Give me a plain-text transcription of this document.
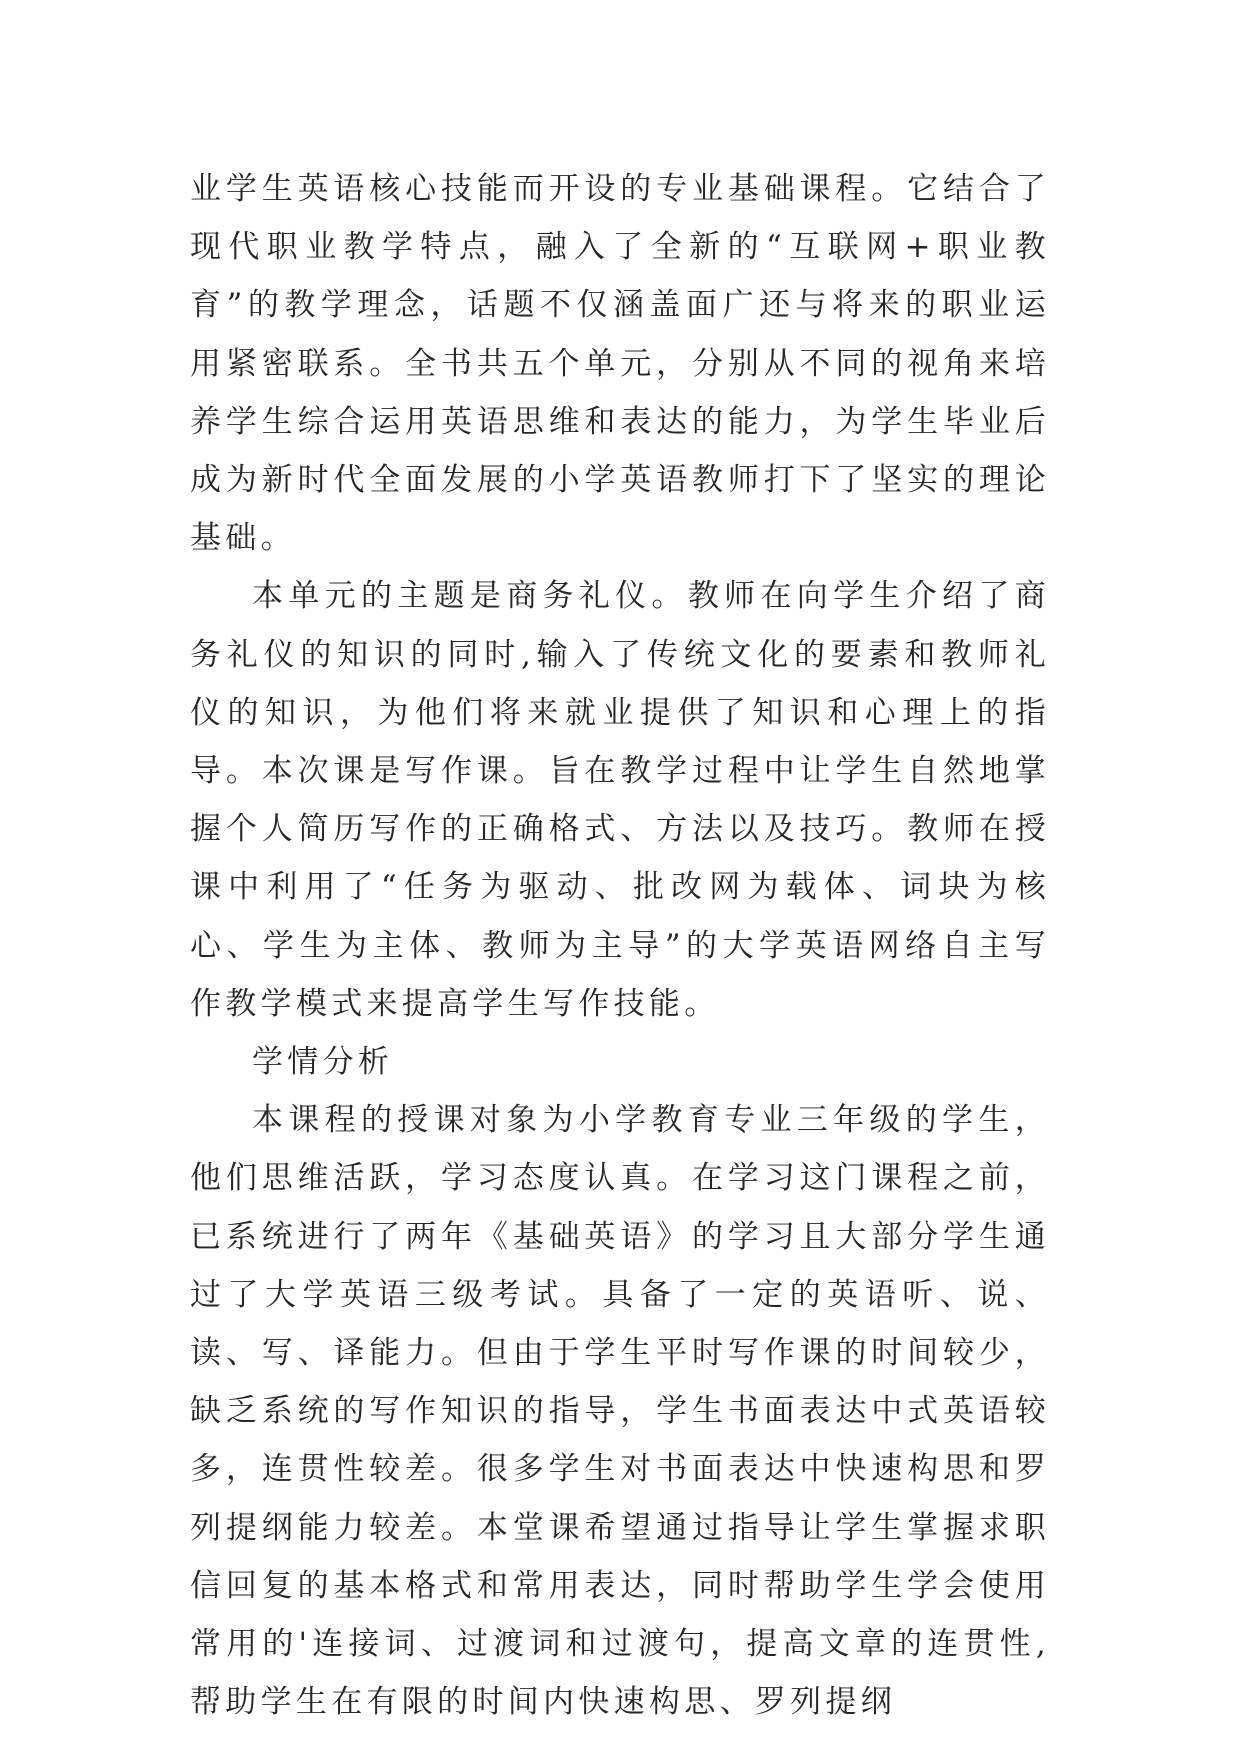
业学生英语核心技能而开设的专业基础课程。它结合了现代职业教学特点，融入了全新的“互联网+职业教育”的教学理念，话题不仅涵盖面广还与将来的职业运用紧密联系。全书共五个单元，分别从不同的视角来培养学生综合运用英语思维和表达的能力，为学生毕业后成为新时代全面发展的小学英语教师打下了坚实的理论基础。

本单元的主题是商务礼仪。教师在向学生介绍了商务礼仪的知识的同时,输入了传统文化的要素和教师礼仪的知识，为他们将来就业提供了知识和心理上的指导。本次课是写作课。旨在教学过程中让学生自然地掌握个人简历写作的正确格式、方法以及技巧。教师在授课中利用了“任务为驱动、批改网为载体、词块为核心、学生为主体、教师为主导”的大学英语网络自主写作教学模式来提高学生写作技能。

学情分析

本课程的授课对象为小学教育专业三年级的学生，他们思维活跃，学习态度认真。在学习这门课程之前，已系统进行了两年《基础英语》的学习且大部分学生通过了大学英语三级考试。具备了一定的英语听、说、读、写、译能力。但由于学生平时写作课的时间较少，缺乏系统的写作知识的指导，学生书面表达中式英语较多，连贯性较差。很多学生对书面表达中快速构思和罗列提纲能力较差。本堂课希望通过指导让学生掌握求职信回复的基本格式和常用表达，同时帮助学生学会使用常用的'连接词、过渡词和过渡句，提高文章的连贯性,帮助学生在有限的时间内快速构思、罗列提纲
